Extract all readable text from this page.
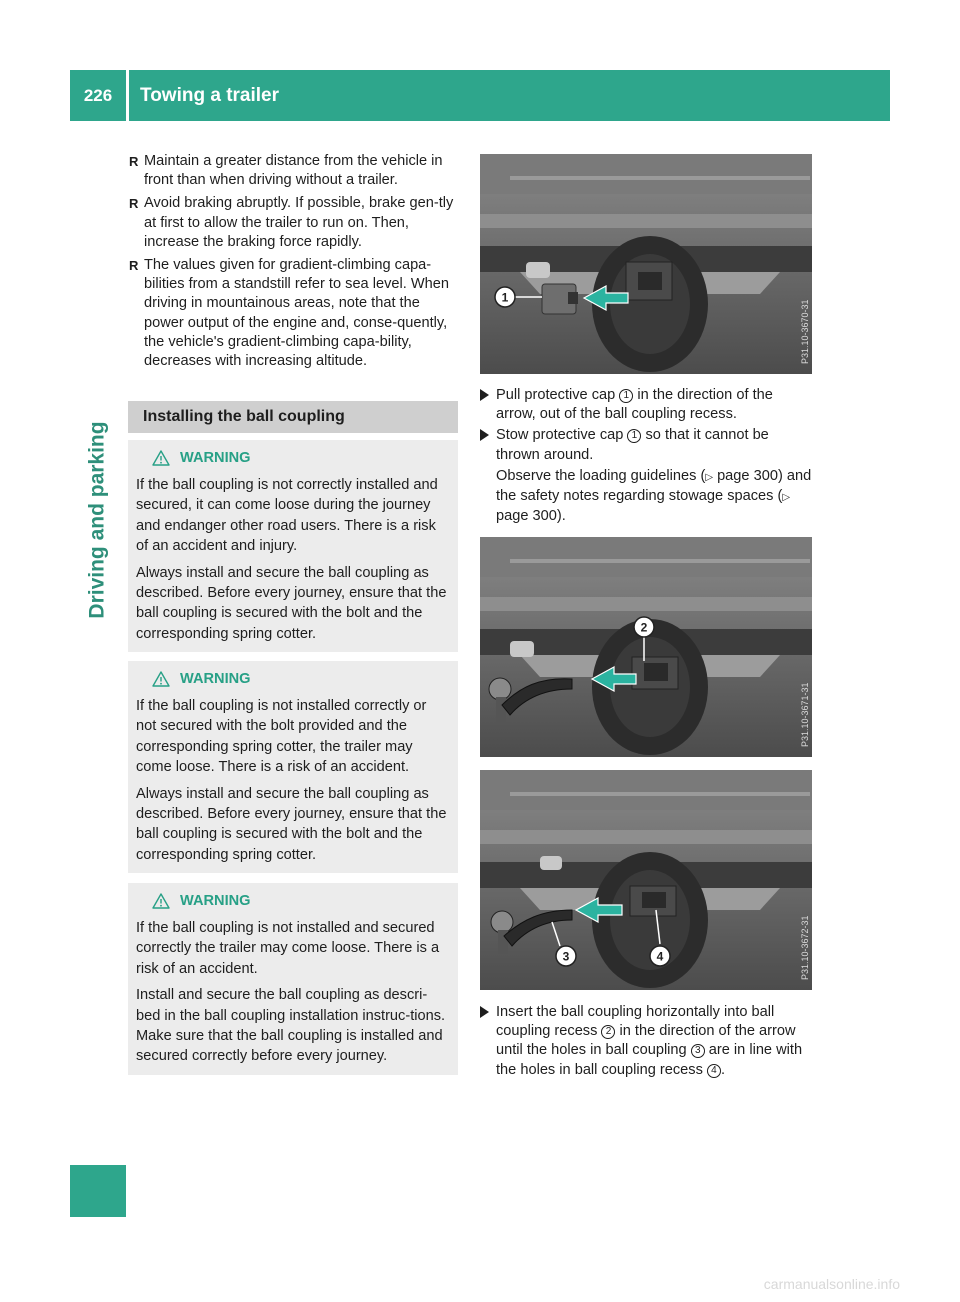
226	Towing a trailer
Driving and parking
R Maintain a greater distance from the vehicle in front than when driving without a trailer.
R Avoid braking abruptly. If possible, brake gen-tly at first to allow the trailer to run on. Then, increase the braking force rapidly.
R The values given for gradient-climbing capa-bilities from a standstill refer to sea level. When driving in mountainous areas, note that the power output of the engine and, conse-quently, the vehicle's gradient-climbing capa-bility, decreases with increasing altitude.
Installing the ball coupling
WARNING

If the ball coupling is not correctly installed and secured, it can come loose during the journey and endanger other road users. There is a risk of an accident and injury.

Always install and secure the ball coupling as described. Before every journey, ensure that the ball coupling is secured with the bolt and the corresponding spring cotter.

WARNING

If the ball coupling is not installed correctly or not secured with the bolt provided and the corresponding spring cotter, the trailer may come loose. There is a risk of an accident.

Always install and secure the ball coupling as described. Before every journey, ensure that the ball coupling is secured with the bolt and the corresponding spring cotter.

WARNING

If the ball coupling is not installed and secured correctly the trailer may come loose. There is a risk of an accident.

Install and secure the ball coupling as descri-bed in the ball coupling installation instruc-tions. Make sure that the ball coupling is installed and secured correctly before every journey.

1
P31.10-3670-31
Pull protective cap 1 in the direction of the arrow, out of the ball coupling recess.
Stow protective cap 1 so that it cannot be thrown around.
Observe the loading guidelines (▷ page 300) and the safety notes regarding stowage spaces (▷ page 300).
2
P31.10-3671-31
3	4	P31.10-3672-31
Insert the ball coupling horizontally into ball coupling recess 2 in the direction of the arrow until the holes in ball coupling 3 are in line with the holes in ball coupling recess 4 .
carmanualsonline.info
